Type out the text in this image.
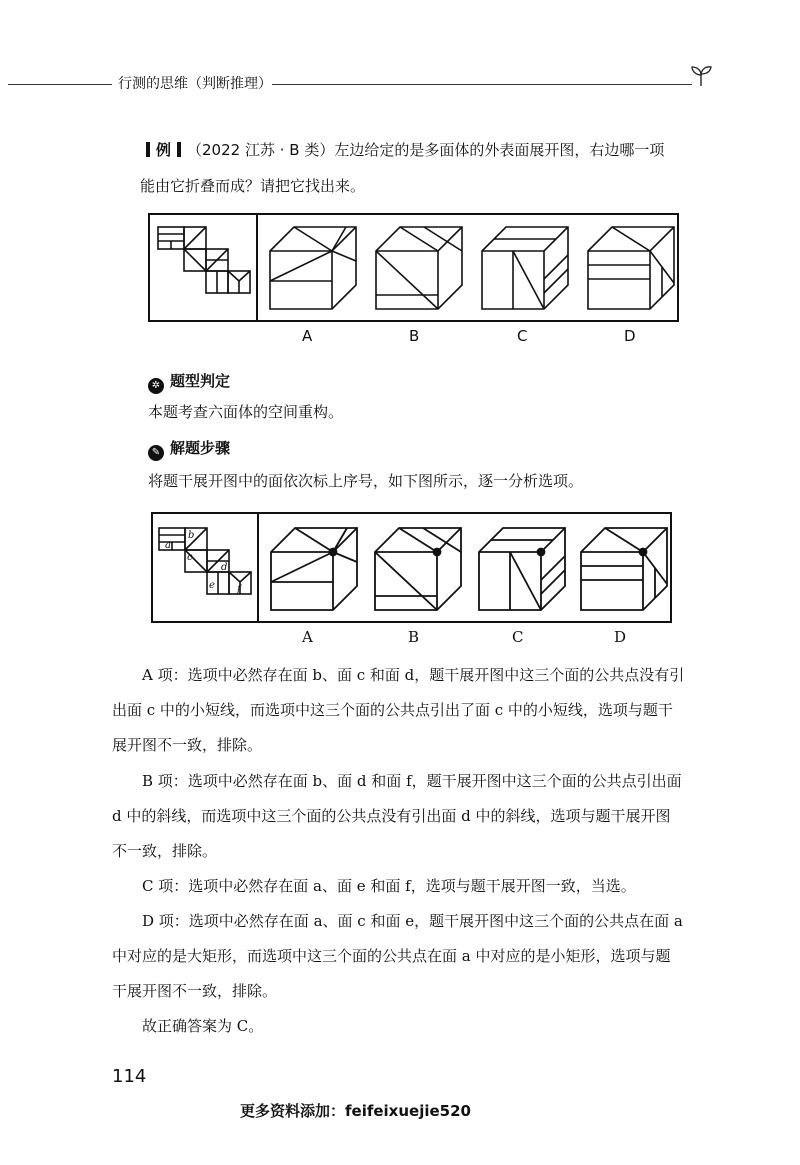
行测的思维（判断推理）
例 （2022 江苏 · B 类）左边给定的是多面体的外表面展开图，右边哪一项
能由它折叠而成？请把它找出来。
A	B	C	D
✲ 题型判定
本题考查六面体的空间重构。
✎ 解题步骤
将题干展开图中的面依次标上序号，如下图所示，逐一分析选项。
a
b
c
d
e f
A	B	C	D
A 项：选项中必然存在面 b、面 c 和面 d，题干展开图中这三个面的公共点没有引
出面 c 中的小短线，而选项中这三个面的公共点引出了面 c 中的小短线，选项与题干
展开图不一致，排除。
B 项：选项中必然存在面 b、面 d 和面 f，题干展开图中这三个面的公共点引出面
d 中的斜线，而选项中这三个面的公共点没有引出面 d 中的斜线，选项与题干展开图
不一致，排除。
C 项：选项中必然存在面 a、面 e 和面 f，选项与题干展开图一致，当选。
D 项：选项中必然存在面 a、面 c 和面 e，题干展开图中这三个面的公共点在面 a
中对应的是大矩形，而选项中这三个面的公共点在面 a 中对应的是小矩形，选项与题
干展开图不一致，排除。
故正确答案为 C。
114
更多资料添加：feifeixuejie520
